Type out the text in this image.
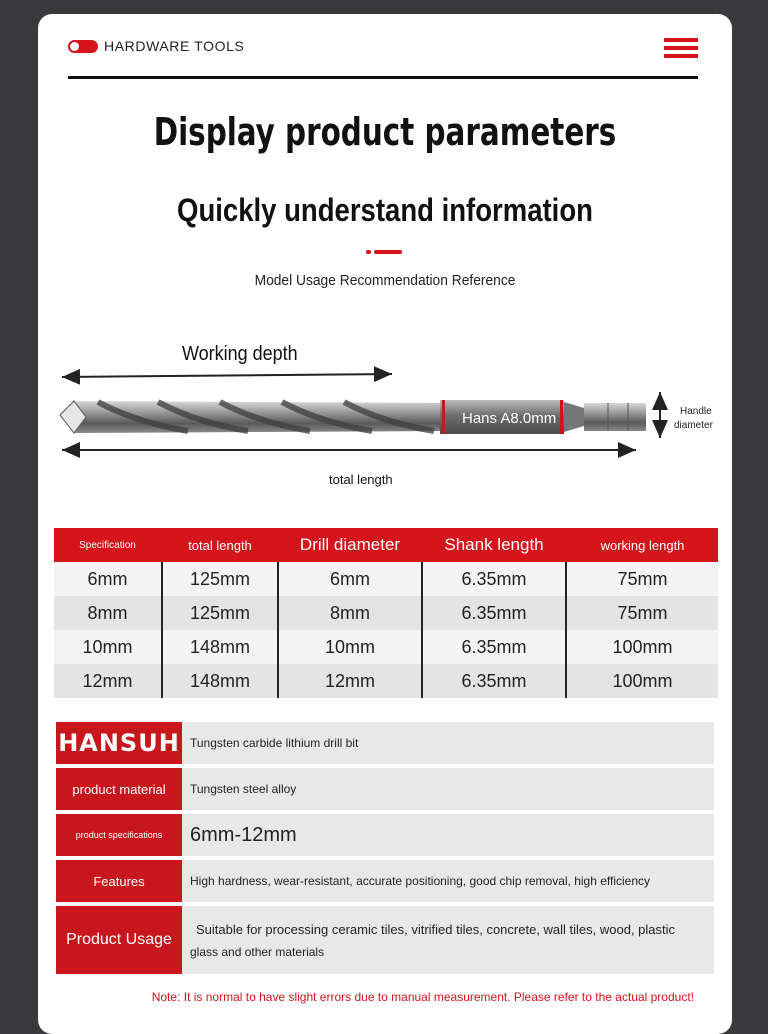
HARDWARE TOOLS
Display product parameters
Quickly understand information
Model Usage Recommendation Reference
Working depth
Hans A8.0mm	Handle
diameter
total length
Specification	total length	Drill diameter	Shank length	working length
6mm	125mm	6mm	6.35mm	75mm
8mm	125mm	8mm	6.35mm	75mm
10mm	148mm	10mm	6.35mm	100mm
12mm	148mm	12mm	6.35mm	100mm
HANSUH Tungsten carbide lithium drill bit
product material	Tungsten steel alloy
product specifications	6mm-12mm
Features	High hardness, wear-resistant, accurate positioning, good chip removal, high efficiency
Product Usage
Suitable for processing ceramic tiles, vitrified tiles, concrete, wall tiles, wood, plastic
glass and other materials
Note: It is normal to have slight errors due to manual measurement. Please refer to the actual product!
